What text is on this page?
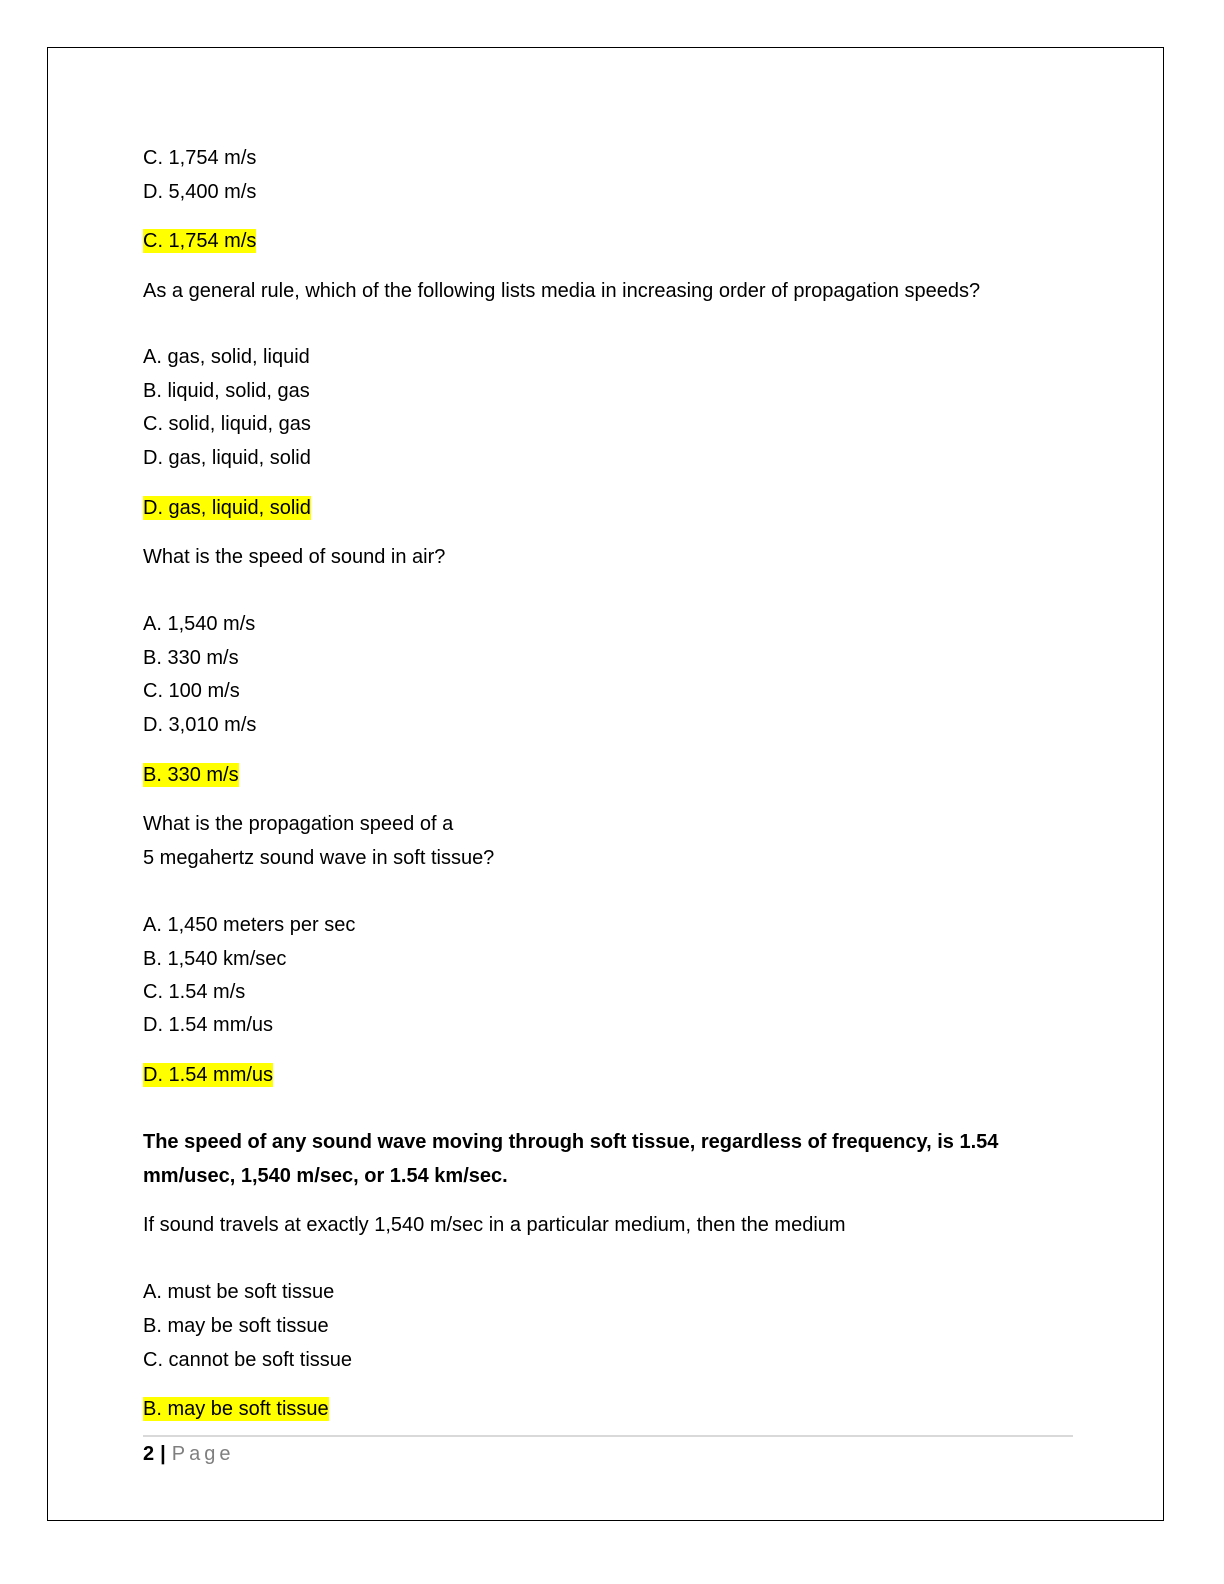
C. 1,754 m/s
D. 5,400 m/s
C. 1,754 m/s
As a general rule, which of the following lists media in increasing order of propagation speeds?
A. gas, solid, liquid
B. liquid, solid, gas
C. solid, liquid, gas
D. gas, liquid, solid
D. gas, liquid, solid
What is the speed of sound in air?
A. 1,540 m/s
B. 330 m/s
C. 100 m/s
D. 3,010 m/s
B. 330 m/s
What is the propagation speed of a
5 megahertz sound wave in soft tissue?
A. 1,450 meters per sec
B. 1,540 km/sec
C. 1.54 m/s
D. 1.54 mm/us
D. 1.54 mm/us
The speed of any sound wave moving through soft tissue, regardless of frequency, is 1.54
mm/usec, 1,540 m/sec, or 1.54 km/sec.
If sound travels at exactly 1,540 m/sec in a particular medium, then the medium
A. must be soft tissue
B. may be soft tissue
C. cannot be soft tissue
B. may be soft tissue
2 | Page
